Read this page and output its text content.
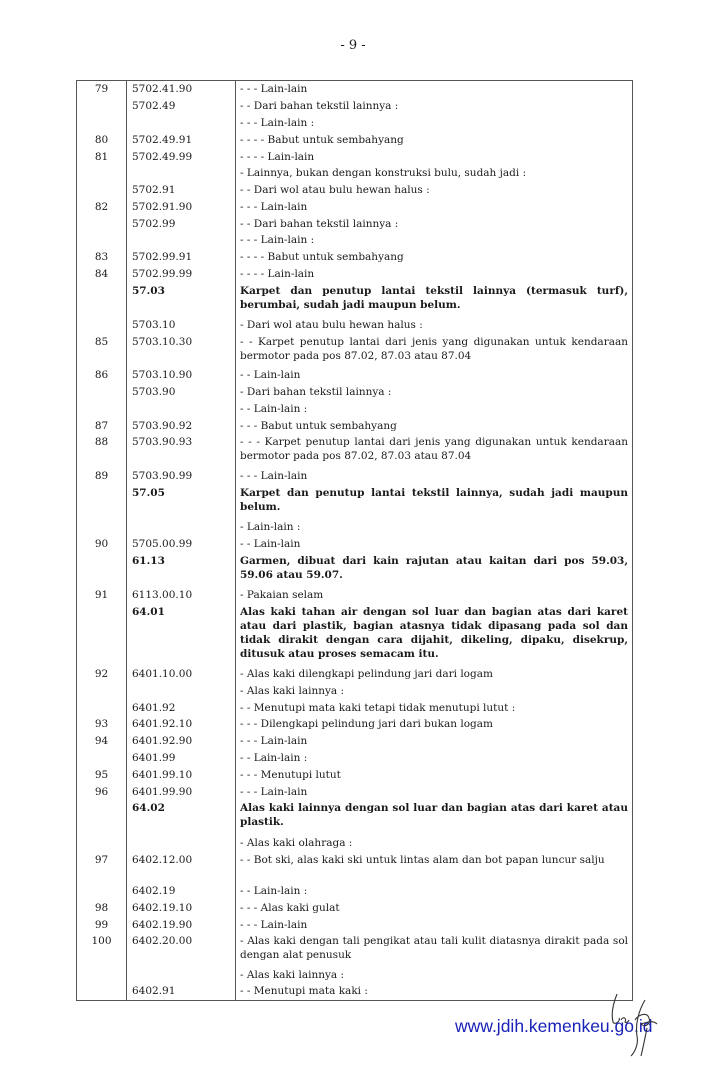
- 9 -
79	5702.41.90	- - - Lain-lain
	5702.49	- - Dari bahan tekstil lainnya :
		- - - Lain-lain :
80	5702.49.91	- - - - Babut untuk sembahyang
81	5702.49.99	- - - - Lain-lain
		- Lainnya, bukan dengan konstruksi bulu, sudah jadi :
	5702.91	- - Dari wol atau bulu hewan halus :
82	5702.91.90	- - - Lain-lain
	5702.99	- - Dari bahan tekstil lainnya :
		- - - Lain-lain :
83	5702.99.91	- - - - Babut untuk sembahyang
84	5702.99.99	- - - - Lain-lain
	57.03	Karpet dan penutup lantai tekstil lainnya (termasuk turf), berumbai, sudah jadi maupun belum.
	5703.10	- Dari wol atau bulu hewan halus :
85	5703.10.30	- - Karpet penutup lantai dari jenis yang digunakan untuk kendaraan bermotor pada pos 87.02, 87.03 atau 87.04
86	5703.10.90	- - Lain-lain
	5703.90	- Dari bahan tekstil lainnya :
		- - Lain-lain :
87	5703.90.92	- - - Babut untuk sembahyang
88	5703.90.93	- - - Karpet penutup lantai dari jenis yang digunakan untuk kendaraan bermotor pada pos 87.02, 87.03 atau 87.04
89	5703.90.99	- - - Lain-lain
	57.05	Karpet dan penutup lantai tekstil lainnya, sudah jadi maupun belum.
		- Lain-lain :
90	5705.00.99	- - Lain-lain
	61.13	Garmen, dibuat dari kain rajutan atau kaitan dari pos 59.03, 59.06 atau 59.07.
91	6113.00.10	- Pakaian selam
	64.01	Alas kaki tahan air dengan sol luar dan bagian atas dari karet atau dari plastik, bagian atasnya tidak dipasang pada sol dan tidak dirakit dengan cara dijahit, dikeling, dipaku, disekrup, ditusuk atau proses semacam itu.
92	6401.10.00	- Alas kaki dilengkapi pelindung jari dari logam
		- Alas kaki lainnya :
	6401.92	- - Menutupi mata kaki tetapi tidak menutupi lutut :
93	6401.92.10	- - - Dilengkapi pelindung jari dari bukan logam
94	6401.92.90	- - - Lain-lain
	6401.99	- - Lain-lain :
95	6401.99.10	- - - Menutupi lutut
96	6401.99.90	- - - Lain-lain
	64.02	Alas kaki lainnya dengan sol luar dan bagian atas dari karet atau plastik.
		- Alas kaki olahraga :
97	6402.12.00	- - Bot ski, alas kaki ski untuk lintas alam dan bot papan luncur salju
	6402.19	- - Lain-lain :
98	6402.19.10	- - - Alas kaki gulat
99	6402.19.90	- - - Lain-lain
100	6402.20.00	- Alas kaki dengan tali pengikat atau tali kulit diatasnya dirakit pada sol dengan alat penusuk
		- Alas kaki lainnya :
	6402.91	- - Menutupi mata kaki :
www.jdih.kemenkeu.go.id
